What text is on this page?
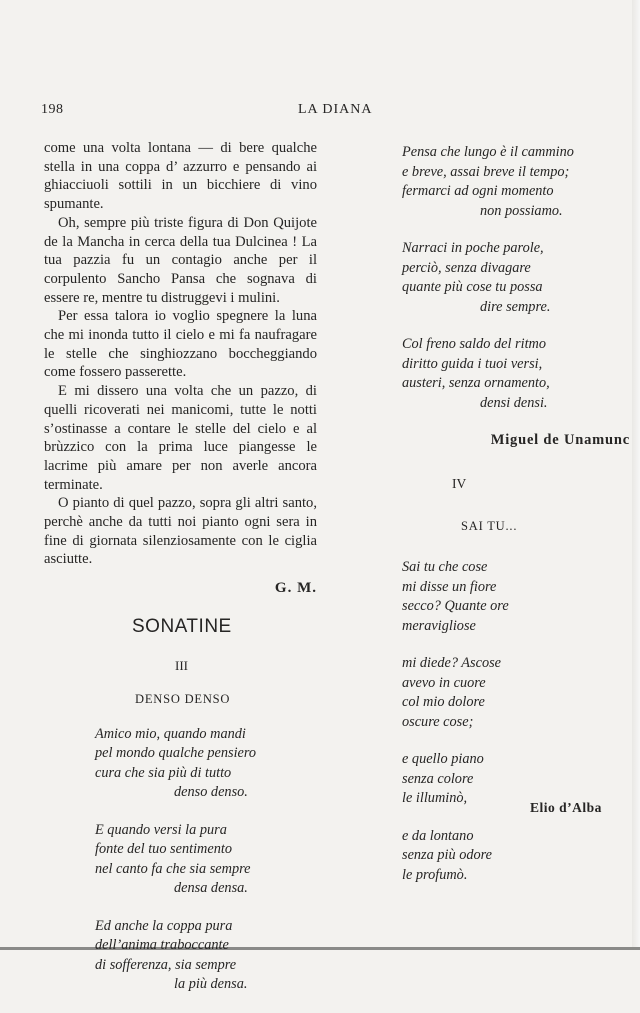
198	LA DIANA

come una volta lontana — di bere qualche stella in una coppa d’ azzurro e pensando ai ghiacciuoli sottili in un bicchiere di vino spumante.

Oh, sempre più triste figura di Don Quijote de la Mancha in cerca della tua Dulcinea ! La tua pazzia fu un contagio anche per il corpulento Sancho Pansa che sognava di essere re, mentre tu distruggevi i mulini.

Per essa talora io voglio spegnere la luna che mi inonda tutto il cielo e mi fa naufragare le stelle che singhiozzano boccheggiando come fossero passerette.

E mi dissero una volta che un pazzo, di quelli ricoverati nei manicomi, tutte le notti s’ostinasse a contare le stelle del cielo e al brùzzico con la prima luce piangesse le lacrime più amare per non averle ancora terminate.

O pianto di quel pazzo, sopra gli altri santo, perchè anche da tutti noi pianto ogni sera in fine di giornata silenziosamente con le ciglia asciutte.

G. M.
SONATINE
III
DENSO DENSO
Amico mio, quando mandi
pel mondo qualche pensiero
cura che sia più di tutto
denso denso.
E quando versi la pura
fonte del tuo sentimento
nel canto fa che sia sempre
densa densa.
Ed anche la coppa pura
dell’anima traboccante
di sofferenza, sia sempre
la più densa.
Pensa che lungo è il cammino
e breve, assai breve il tempo;
fermarci ad ogni momento
non possiamo.
Narraci in poche parole,
perciò, senza divagare
quante più cose tu possa
dire sempre.
Col freno saldo del ritmo
diritto guida i tuoi versi,
austeri, senza ornamento,
densi densi.
Miguel de Unamunc
IV
SAI TU...
Sai tu che cose
mi disse un fiore
secco? Quante ore
meravigliose
mi diede? Ascose
avevo in cuore
col mio dolore
oscure cose;
e quello piano
senza colore
le illuminò,
e da lontano
senza più odore
le profumò.
Elio d’Alba
